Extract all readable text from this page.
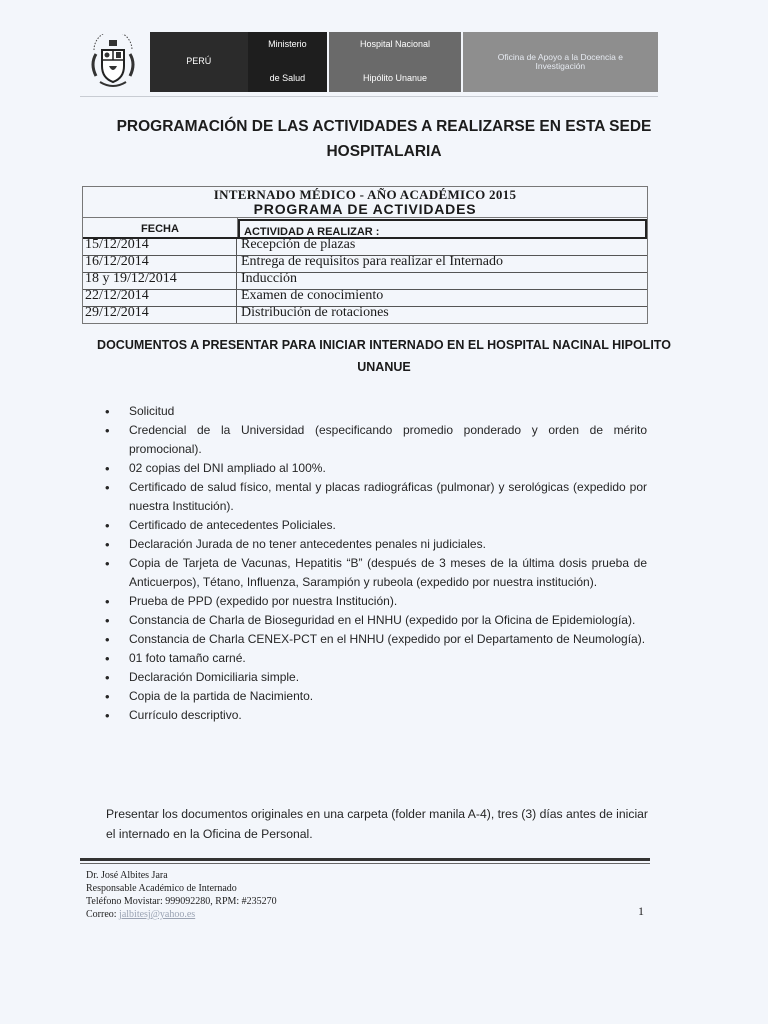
PERÚ
Ministerio
de Salud
Hospital Nacional
Hipólito Unanue
Oficina de Apoyo a la Docencia e Investigación
PROGRAMACIÓN DE LAS ACTIVIDADES A REALIZARSE EN ESTA SEDE HOSPITALARIA
INTERNADO MÉDICO - AÑO ACADÉMICO 2015
PROGRAMA DE ACTIVIDADES
FECHA	ACTIVIDAD A REALIZAR :
15/12/2014	Recepción de plazas
16/12/2014	Entrega de requisitos para realizar el Internado
18 y 19/12/2014	Inducción
22/12/2014	Examen de conocimiento
29/12/2014	Distribución de rotaciones
DOCUMENTOS A PRESENTAR PARA INICIAR INTERNADO EN EL HOSPITAL NACINAL HIPOLITO UNANUE
• Solicitud
• Credencial de la Universidad (especificando promedio ponderado y orden de mérito promocional).
• 02 copias del DNI ampliado al 100%.
• Certificado de salud físico, mental y placas radiográficas (pulmonar) y serológicas (expedido por nuestra Institución).
• Certificado de antecedentes Policiales.
• Declaración Jurada de no tener antecedentes penales ni judiciales.
• Copia de Tarjeta de Vacunas, Hepatitis “B” (después de 3 meses de la última dosis prueba de Anticuerpos), Tétano, Influenza, Sarampión y rubeola (expedido por nuestra institución).
• Prueba de PPD (expedido por nuestra Institución).
• Constancia de Charla de Bioseguridad en el HNHU (expedido por la Oficina de Epidemiología).
• Constancia de Charla CENEX-PCT en el HNHU (expedido por el Departamento de Neumología).
• 01 foto tamaño carné.
• Declaración Domiciliaria simple.
• Copia de la partida de Nacimiento.
• Currículo descriptivo.
Presentar los documentos originales en una carpeta (folder manila A-4), tres (3) días antes de iniciar el internado en la Oficina de Personal.
Dr. José Albites Jara
Responsable Académico de Internado
Teléfono Movistar: 999092280, RPM: #235270
Correo: jalbitesj@yahoo.es	1
